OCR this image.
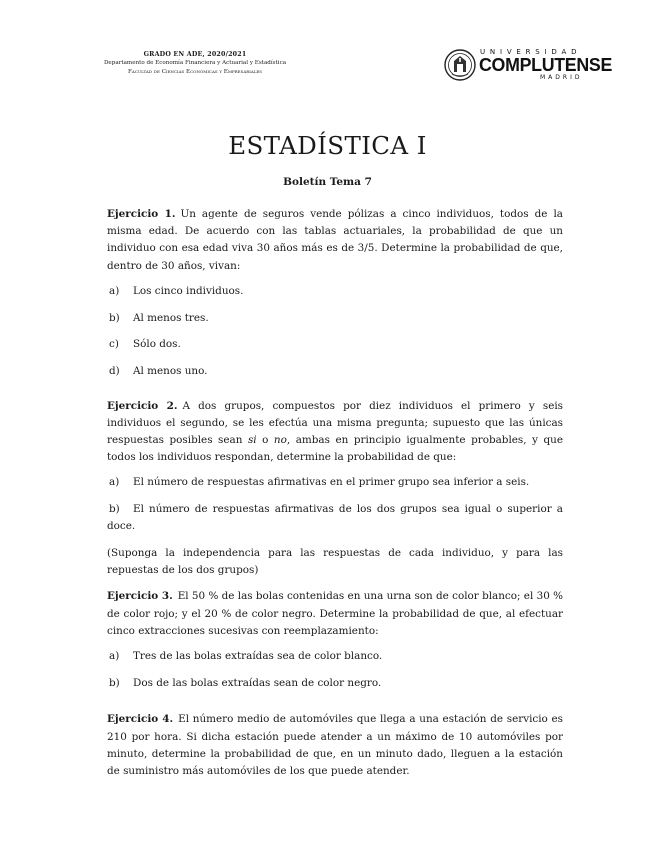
GRADO EN ADE, 2020/2021
Departamento de Economía Financiera y Actuarial y Estadística
Facultad de Ciencias Económicas y Empresariales
UNIVERSIDAD
COMPLUTENSE
MADRID
ESTADÍSTICA I
Boletín Tema 7

Ejercicio 1. Un agente de seguros vende pólizas a cinco individuos, todos de la misma edad. De acuerdo con las tablas actuariales, la probabilidad de que un individuo con esa edad viva 30 años más es de 3/5. Determine la probabilidad de que, dentro de 30 años, vivan:

a) Los cinco individuos.
b) Al menos tres.
c) Sólo dos.
d) Al menos uno.

Ejercicio 2. A dos grupos, compuestos por diez individuos el primero y seis individuos el segundo, se les efectúa una misma pregunta; supuesto que las únicas respuestas posibles sean si o no, ambas en principio igualmente probables, y que todos los individuos respondan, determine la probabilidad de que:

a) El número de respuestas afirmativas en el primer grupo sea inferior a seis.
b) El número de respuestas afirmativas de los dos grupos sea igual o superior a doce.

(Suponga la independencia para las respuestas de cada individuo, y para las repuestas de los dos grupos)

Ejercicio 3. El 50 % de las bolas contenidas en una urna son de color blanco; el 30 % de color rojo; y el 20 % de color negro. Determine la probabilidad de que, al efectuar cinco extracciones sucesivas con reemplazamiento:

a) Tres de las bolas extraídas sea de color blanco.
b) Dos de las bolas extraídas sean de color negro.

Ejercicio 4. El número medio de automóviles que llega a una estación de servicio es 210 por hora. Si dicha estación puede atender a un máximo de 10 automóviles por minuto, determine la probabilidad de que, en un minuto dado, lleguen a la estación de suministro más automóviles de los que puede atender.
